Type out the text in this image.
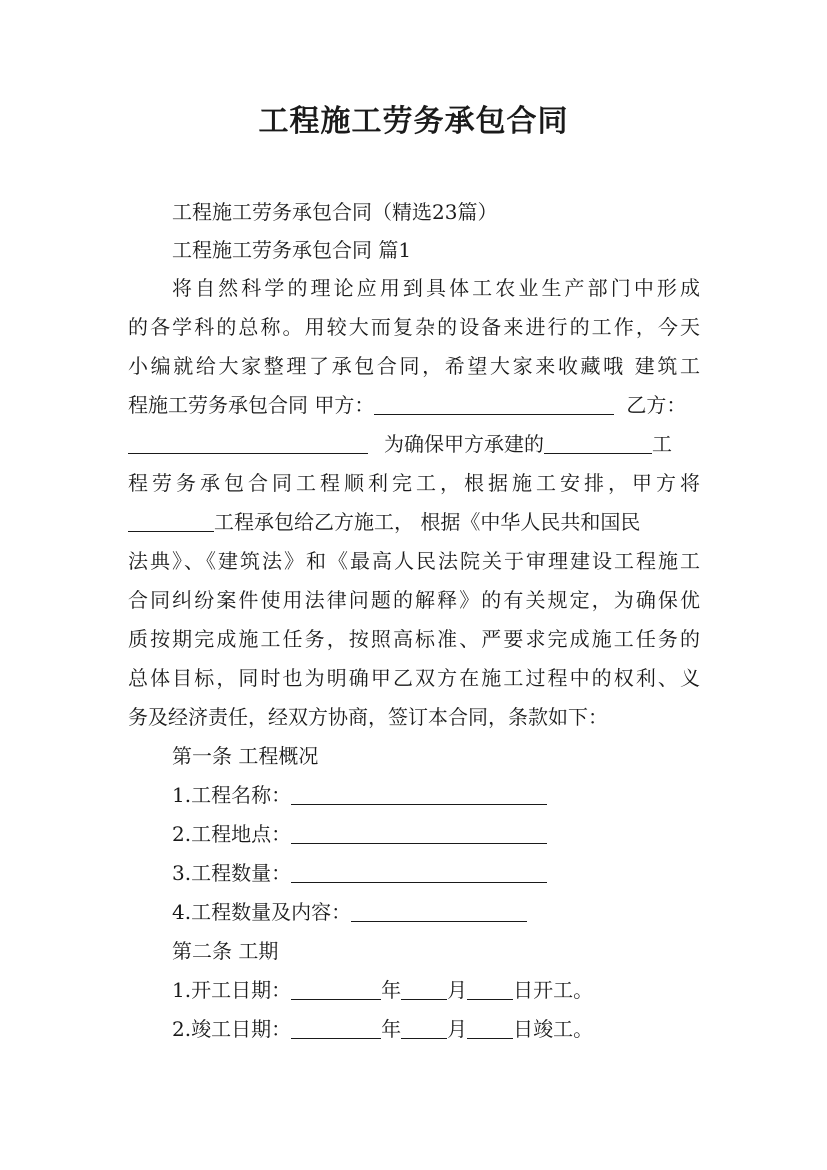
工程施工劳务承包合同
工程施工劳务承包合同（精选23篇）
工程施工劳务承包合同 篇1
将自然科学的理论应用到具体工农业生产部门中形成
的各学科的总称。用较大而复杂的设备来进行的工作，今天
小编就给大家整理了承包合同，希望大家来收藏哦 建筑工
程施工劳务承包合同 甲方：	乙方：
为确保甲方承建的	工
程劳务承包合同工程顺利完工，根据施工安排，甲方将
工程承包给乙方施工， 根据《中华人民共和国民
法典》、《建筑法》和《最高人民法院关于审理建设工程施工
合同纠纷案件使用法律问题的解释》的有关规定，为确保优
质按期完成施工任务，按照高标准、严要求完成施工任务的
总体目标，同时也为明确甲乙双方在施工过程中的权利、义
务及经济责任，经双方协商，签订本合同，条款如下：
第一条 工程概况
1.工程名称：
2.工程地点：
3.工程数量：
4.工程数量及内容：
第二条 工期
1.开工日期：	年 月 日开工。
2.竣工日期：	年 月 日竣工。
